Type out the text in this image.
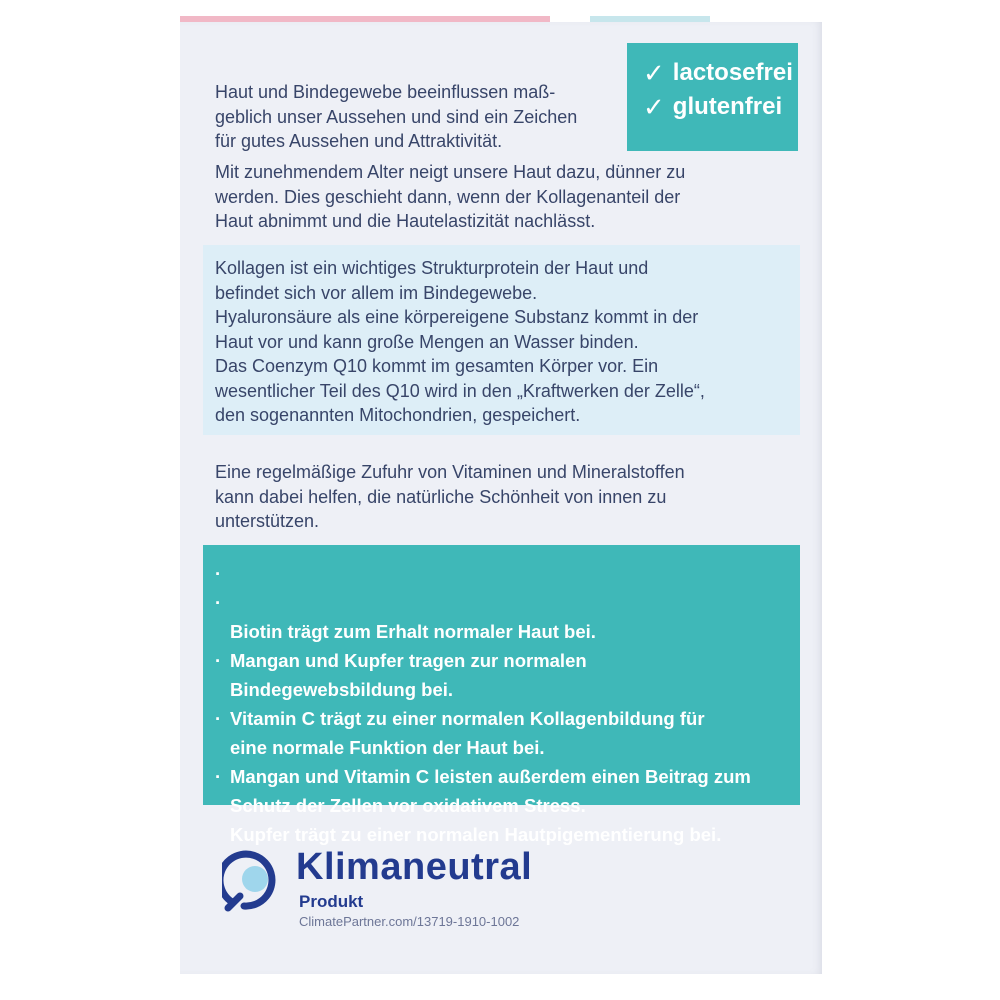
Haut und Bindegewebe beeinflussen maß-
geblich unser Aussehen und sind ein Zeichen
für gutes Aussehen und Attraktivität.
Mit zunehmendem Alter neigt unsere Haut dazu, dünner zu
werden. Dies geschieht dann, wenn der Kollagenanteil der
Haut abnimmt und die Hautelastizität nachlässt.
✓ lactosefrei
✓ glutenfrei
Kollagen ist ein wichtiges Strukturprotein der Haut und
befindet sich vor allem im Bindegewebe.
Hyaluronsäure als eine körpereigene Substanz kommt in der
Haut vor und kann große Mengen an Wasser binden.
Das Coenzym Q10 kommt im gesamten Körper vor. Ein
wesentlicher Teil des Q10 wird in den „Kraftwerken der Zelle“,
den sogenannten Mitochondrien, gespeichert.
Eine regelmäßige Zufuhr von Vitaminen und Mineralstoffen
kann dabei helfen, die natürliche Schönheit von innen zu
unterstützen.

·

Biotin trägt zum Erhalt normaler Haut bei.

·

Mangan und Kupfer tragen zur normalen
Bindegewebsbildung bei.

·

Vitamin C trägt zu einer normalen Kollagenbildung für
eine normale Funktion der Haut bei.

·

Mangan und Vitamin C leisten außerdem einen Beitrag zum
Schutz der Zellen vor oxidativem Stress.

·

Kupfer trägt zu einer normalen Hautpigementierung bei.

Klimaneutral
Produkt
ClimatePartner.com/13719-1910-1002
